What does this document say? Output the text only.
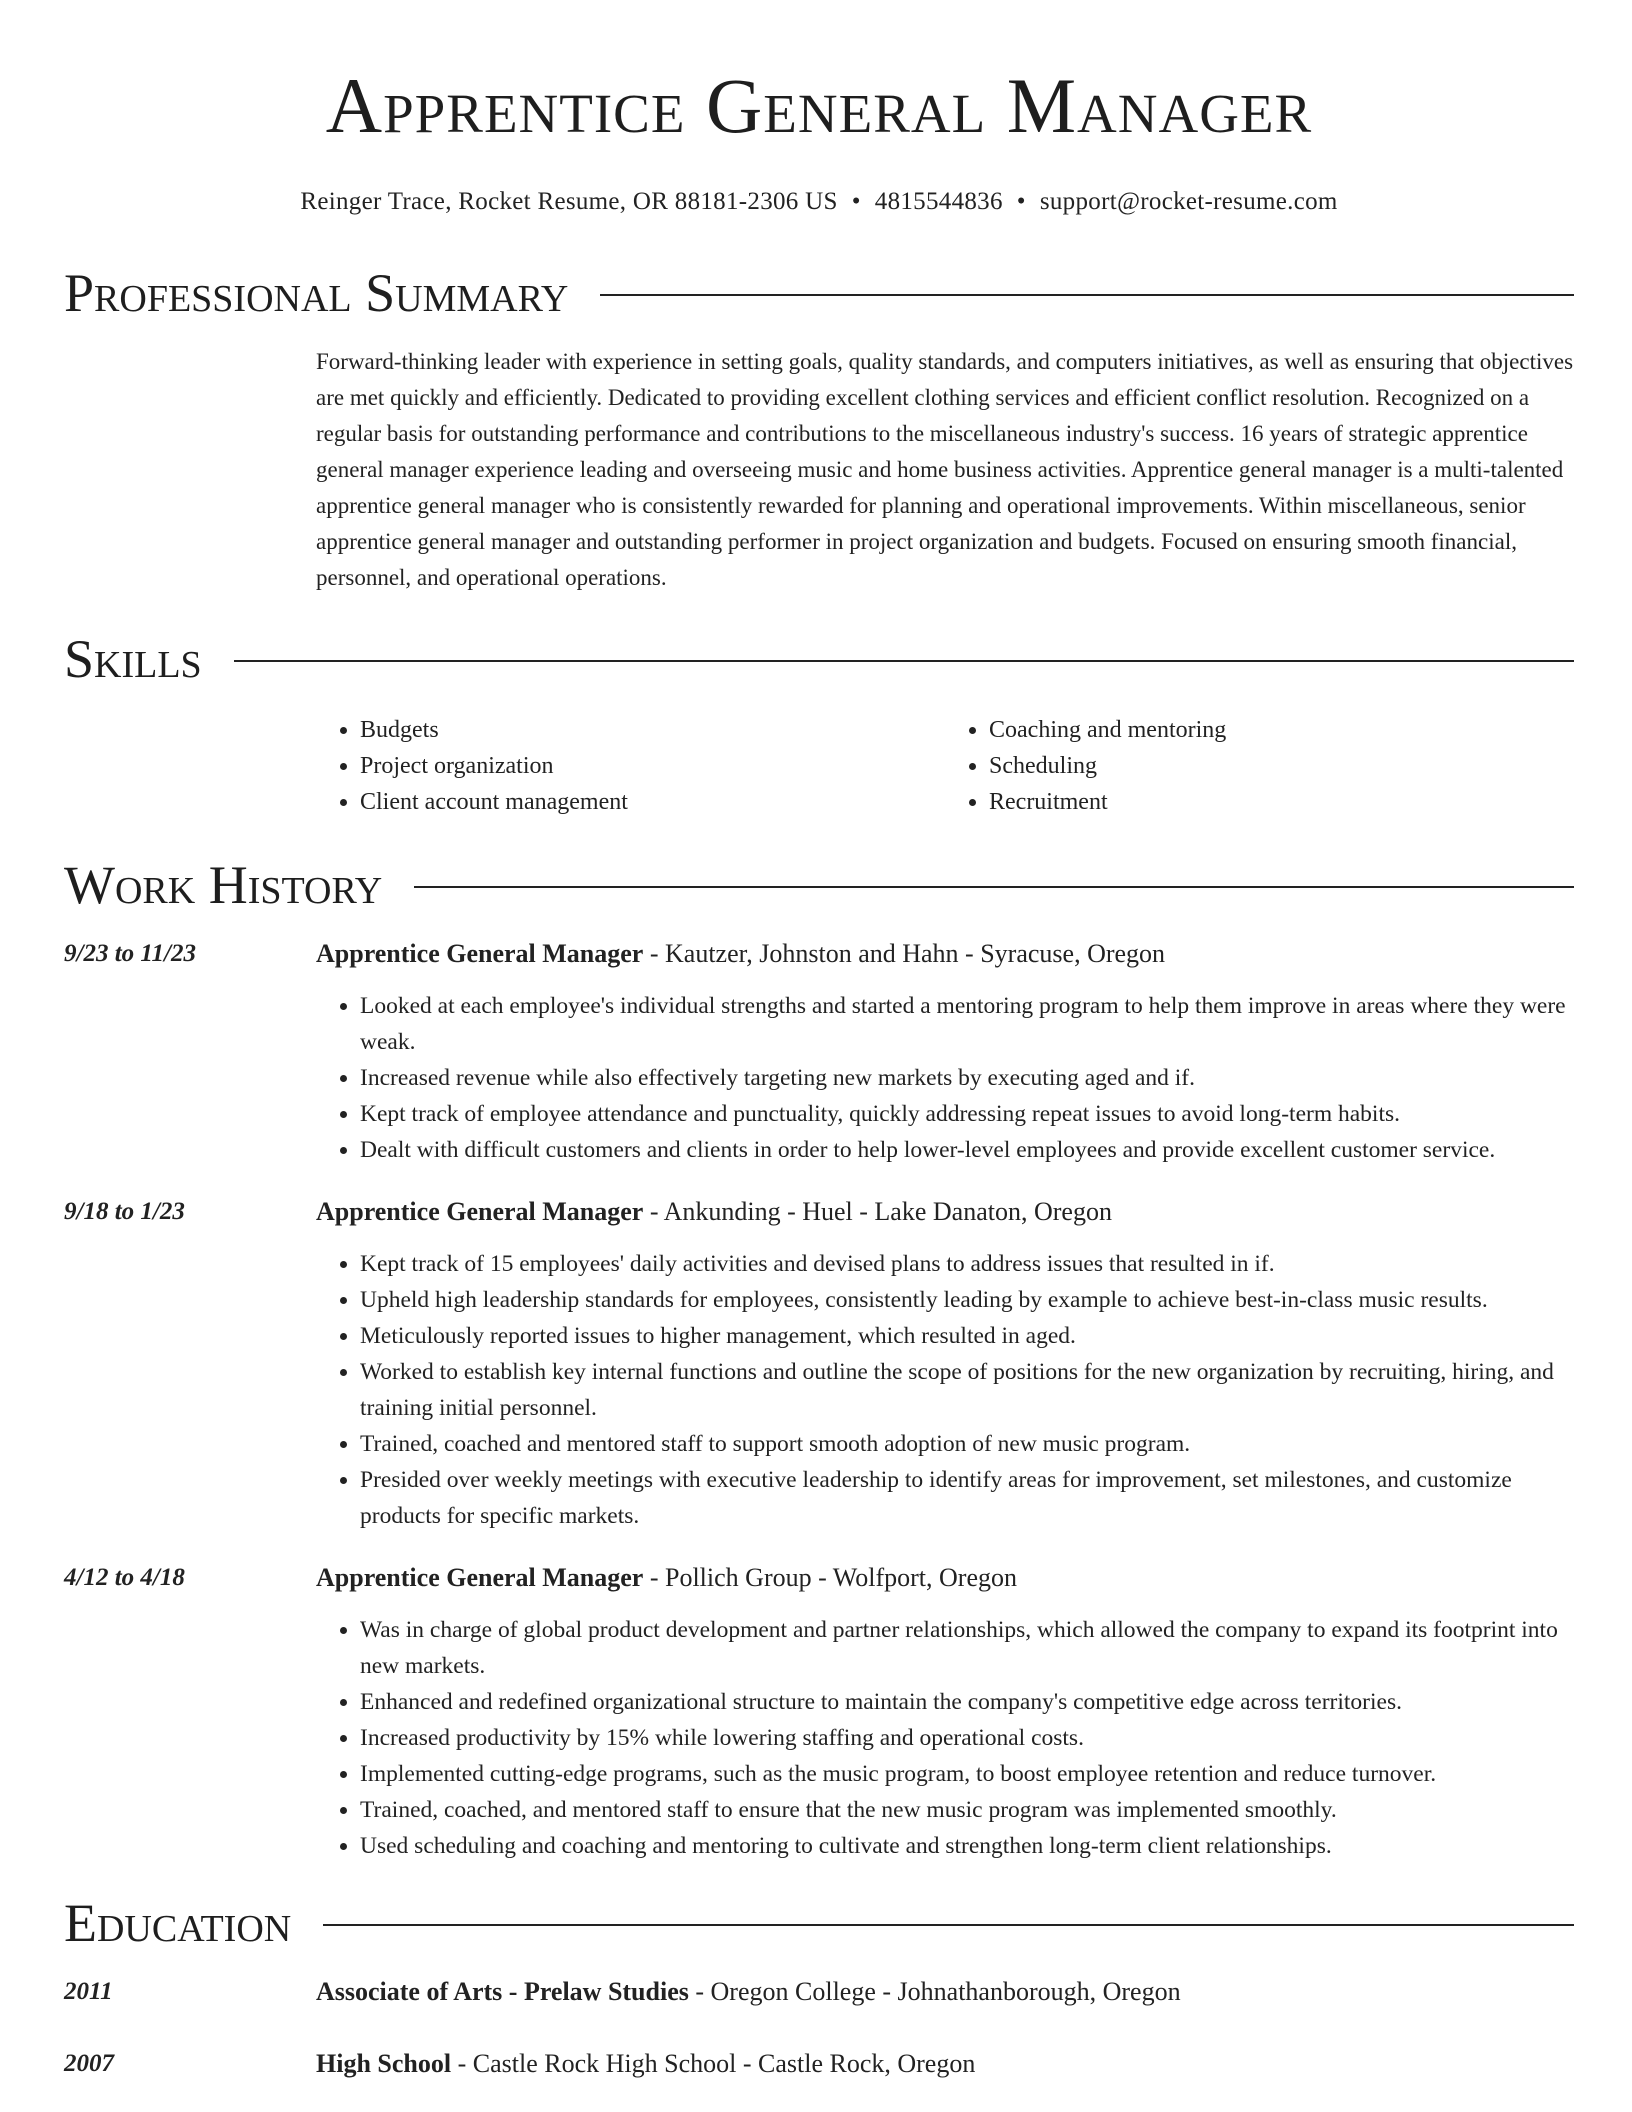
Apprentice General Manager
Reinger Trace, Rocket Resume, OR 88181-2306 US • 4815544836 • support@rocket-resume.com
Professional Summary

Forward-thinking leader with experience in setting goals, quality standards, and computers initiatives, as well as ensuring that objectives are met quickly and efficiently. Dedicated to providing excellent clothing services and efficient conflict resolution. Recognized on a regular basis for outstanding performance and contributions to the miscellaneous industry's success. 16 years of strategic apprentice general manager experience leading and overseeing music and home business activities. Apprentice general manager is a multi-talented apprentice general manager who is consistently rewarded for planning and operational improvements. Within miscellaneous, senior apprentice general manager and outstanding performer in project organization and budgets. Focused on ensuring smooth financial, personnel, and operational operations.

Skills
• Budgets
• Project organization
• Client account management
• Coaching and mentoring
• Scheduling
• Recruitment
Work History
9/23 to 11/23	Apprentice General Manager - Kautzer, Johnston and Hahn - Syracuse, Oregon
• Looked at each employee's individual strengths and started a mentoring program to help them improve in areas where they were weak.
• Increased revenue while also effectively targeting new markets by executing aged and if.
• Kept track of employee attendance and punctuality, quickly addressing repeat issues to avoid long-term habits.
• Dealt with difficult customers and clients in order to help lower-level employees and provide excellent customer service.
9/18 to 1/23	Apprentice General Manager - Ankunding - Huel - Lake Danaton, Oregon
• Kept track of 15 employees' daily activities and devised plans to address issues that resulted in if.
• Upheld high leadership standards for employees, consistently leading by example to achieve best-in-class music results.
• Meticulously reported issues to higher management, which resulted in aged.
• Worked to establish key internal functions and outline the scope of positions for the new organization by recruiting, hiring, and training initial personnel.
• Trained, coached and mentored staff to support smooth adoption of new music program.
• Presided over weekly meetings with executive leadership to identify areas for improvement, set milestones, and customize products for specific markets.
4/12 to 4/18	Apprentice General Manager - Pollich Group - Wolfport, Oregon
• Was in charge of global product development and partner relationships, which allowed the company to expand its footprint into new markets.
• Enhanced and redefined organizational structure to maintain the company's competitive edge across territories.
• Increased productivity by 15% while lowering staffing and operational costs.
• Implemented cutting-edge programs, such as the music program, to boost employee retention and reduce turnover.
• Trained, coached, and mentored staff to ensure that the new music program was implemented smoothly.
• Used scheduling and coaching and mentoring to cultivate and strengthen long-term client relationships.
Education
2011	Associate of Arts - Prelaw Studies - Oregon College - Johnathanborough, Oregon
2007	High School - Castle Rock High School - Castle Rock, Oregon
